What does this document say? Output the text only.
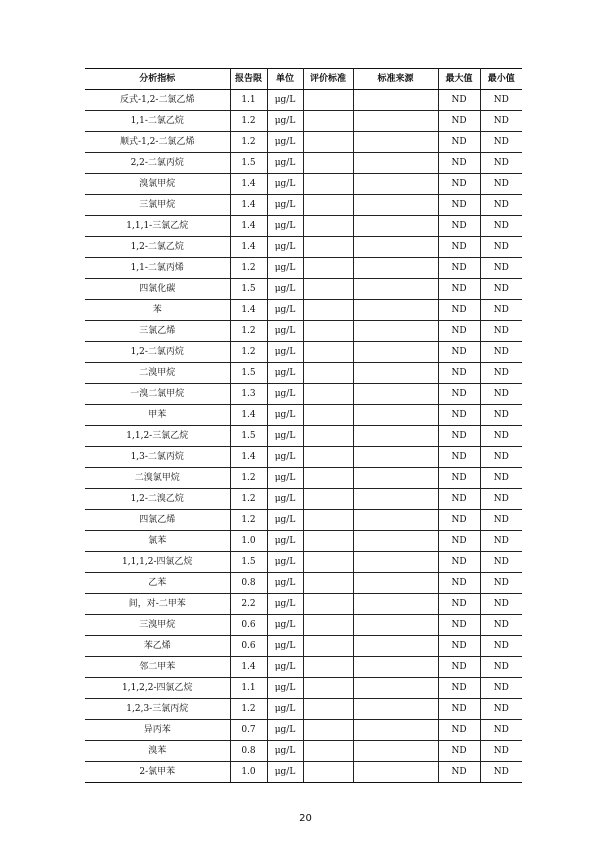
分析指标	报告限	单位	评价标准	标准来源	最大值	最小值
反式-1,2-二氯乙烯	1.1	μg/L			ND	ND
1,1-二氯乙烷	1.2	μg/L			ND	ND
顺式-1,2-二氯乙烯	1.2	μg/L			ND	ND
2,2-二氯丙烷	1.5	μg/L			ND	ND
溴氯甲烷	1.4	μg/L			ND	ND
三氯甲烷	1.4	μg/L			ND	ND
1,1,1-三氯乙烷	1.4	μg/L			ND	ND
1,2-二氯乙烷	1.4	μg/L			ND	ND
1,1-二氯丙烯	1.2	μg/L			ND	ND
四氯化碳	1.5	μg/L			ND	ND
苯	1.4	μg/L			ND	ND
三氯乙烯	1.2	μg/L			ND	ND
1,2-二氯丙烷	1.2	μg/L			ND	ND
二溴甲烷	1.5	μg/L			ND	ND
一溴二氯甲烷	1.3	μg/L			ND	ND
甲苯	1.4	μg/L			ND	ND
1,1,2-三氯乙烷	1.5	μg/L			ND	ND
1,3-二氯丙烷	1.4	μg/L			ND	ND
二溴氯甲烷	1.2	μg/L			ND	ND
1,2-二溴乙烷	1.2	μg/L			ND	ND
四氯乙烯	1.2	μg/L			ND	ND
氯苯	1.0	μg/L			ND	ND
1,1,1,2-四氯乙烷	1.5	μg/L			ND	ND
乙苯	0.8	μg/L			ND	ND
间，对-二甲苯	2.2	μg/L			ND	ND
三溴甲烷	0.6	μg/L			ND	ND
苯乙烯	0.6	μg/L			ND	ND
邻二甲苯	1.4	μg/L			ND	ND
1,1,2,2-四氯乙烷	1.1	μg/L			ND	ND
1,2,3-三氯丙烷	1.2	μg/L			ND	ND
异丙苯	0.7	μg/L			ND	ND
溴苯	0.8	μg/L			ND	ND
2-氯甲苯	1.0	μg/L			ND	ND
20
